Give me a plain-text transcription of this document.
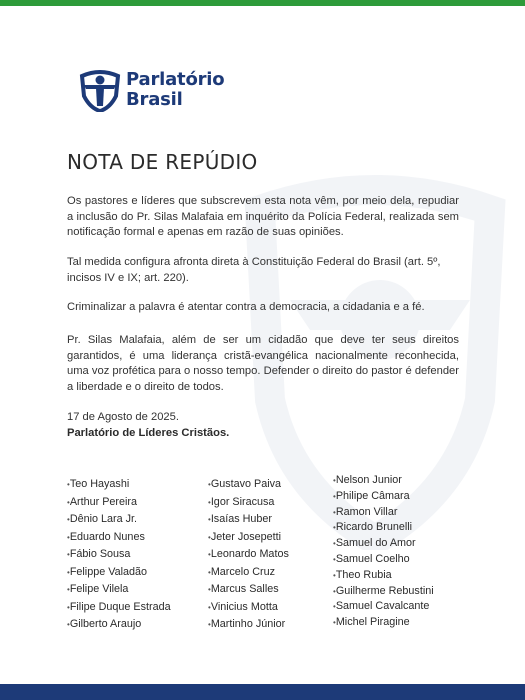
Parlatório
Brasil
NOTA DE REPÚDIO

Os pastores e líderes que subscrevem esta nota vêm, por meio dela, repudiar a inclusão do Pr. Silas Malafaia em inquérito da Polícia Federal, realizada sem notificação formal e apenas em razão de suas opiniões.

Tal medida configura afronta direta à Constituição Federal do Brasil (art. 5º, incisos IV e IX; art. 220).

Criminalizar a palavra é atentar contra a democracia, a cidadania e a fé.

Pr. Silas Malafaia, além de ser um cidadão que deve ter seus direitos garantidos, é uma liderança cristã-evangélica nacionalmente reconhecida, uma voz profética para o nosso tempo. Defender o direito do pastor é defender a liberdade e o direito de todos.

17 de Agosto de 2025.
Parlatório de Líderes Cristãos.
• Teo Hayashi
• Arthur Pereira
• Dênio Lara Jr.
• Eduardo Nunes
• Fábio Sousa
• Felippe Valadão
• Felipe Vilela
• Filipe Duque Estrada
• Gilberto Araujo
• Gustavo Paiva
• Igor Siracusa
• Isaías Huber
• Jeter Josepetti
• Leonardo Matos
• Marcelo Cruz
• Marcus Salles
• Vinicius Motta
• Martinho Júnior
• Nelson Junior
• Philipe Câmara
• Ramon Villar
• Ricardo Brunelli
• Samuel do Amor
• Samuel Coelho
• Theo Rubia
• Guilherme Rebustini
• Samuel Cavalcante
• Michel Piragine
